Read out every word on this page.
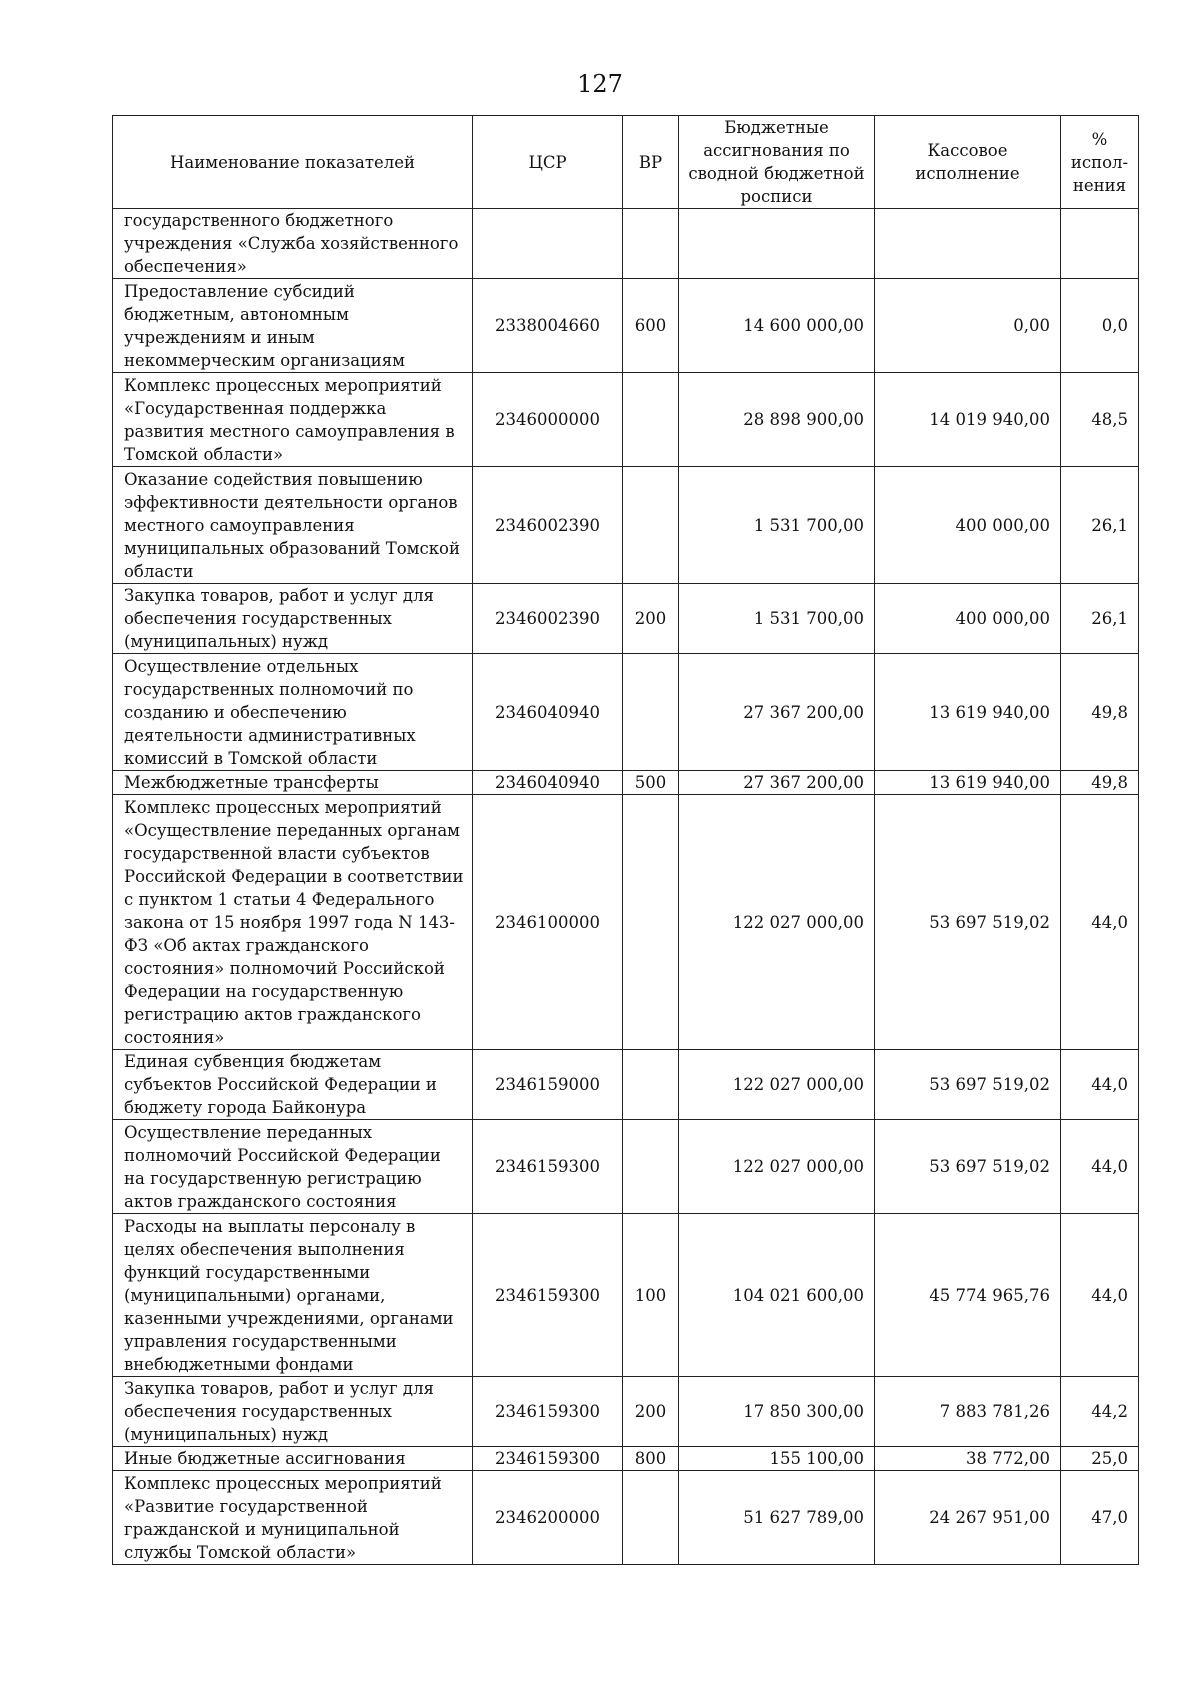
127
Наименование показателей	ЦСР	ВР	Бюджетные ассигнования по сводной бюджетной росписи	Кассовое исполнение	% испол-нения
государственного бюджетного учреждения «Служба хозяйственного обеспечения»					
Предоставление субсидий бюджетным, автономным учреждениям и иным некоммерческим организациям	2338004660	600	14 600 000,00	0,00	0,0
Комплекс процессных мероприятий «Государственная поддержка развития местного самоуправления в Томской области»	2346000000		28 898 900,00	14 019 940,00	48,5
Оказание содействия повышению эффективности деятельности органов местного самоуправления муниципальных образований Томской области	2346002390		1 531 700,00	400 000,00	26,1
Закупка товаров, работ и услуг для обеспечения государственных (муниципальных) нужд	2346002390	200	1 531 700,00	400 000,00	26,1
Осуществление отдельных государственных полномочий по созданию и обеспечению деятельности административных комиссий в Томской области	2346040940		27 367 200,00	13 619 940,00	49,8
Межбюджетные трансферты	2346040940	500	27 367 200,00	13 619 940,00	49,8
Комплекс процессных мероприятий «Осуществление переданных органам государственной власти субъектов Российской Федерации в соответствии с пунктом 1 статьи 4 Федерального закона от 15 ноября 1997 года N 143-ФЗ «Об актах гражданского состояния» полномочий Российской Федерации на государственную регистрацию актов гражданского состояния»	2346100000		122 027 000,00	53 697 519,02	44,0
Единая субвенция бюджетам субъектов Российской Федерации и бюджету города Байконура	2346159000		122 027 000,00	53 697 519,02	44,0
Осуществление переданных полномочий Российской Федерации на государственную регистрацию актов гражданского состояния	2346159300		122 027 000,00	53 697 519,02	44,0
Расходы на выплаты персоналу в целях обеспечения выполнения функций государственными (муниципальными) органами, казенными учреждениями, органами управления государственными внебюджетными фондами	2346159300	100	104 021 600,00	45 774 965,76	44,0
Закупка товаров, работ и услуг для обеспечения государственных (муниципальных) нужд	2346159300	200	17 850 300,00	7 883 781,26	44,2
Иные бюджетные ассигнования	2346159300	800	155 100,00	38 772,00	25,0
Комплекс процессных мероприятий «Развитие государственной гражданской и муниципальной службы Томской области»	2346200000		51 627 789,00	24 267 951,00	47,0
